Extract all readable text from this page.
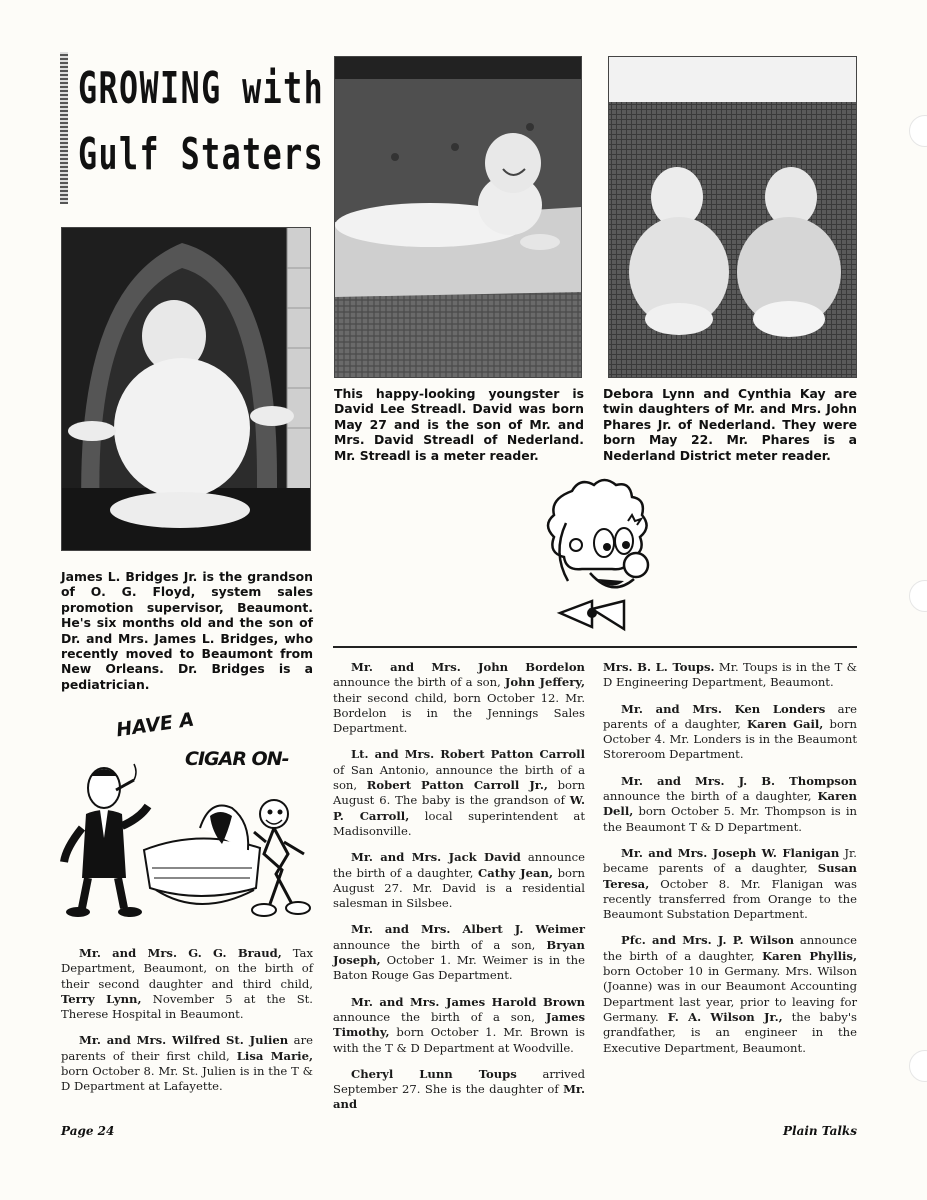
GROWING with
Gulf Staters
This happy-looking youngster is David Lee Streadl. David was born May 27 and is the son of Mr. and Mrs. David Streadl of Nederland. Mr. Streadl is a meter reader.
Debora Lynn and Cynthia Kay are twin daughters of Mr. and Mrs. John Phares Jr. of Nederland. They were born May 22. Mr. Phares is a Nederland District meter reader.
James L. Bridges Jr. is the grandson of O. G. Floyd, system sales promotion supervisor, Beaumont. He's six months old and the son of Dr. and Mrs. James L. Bridges, who recently moved to Beaumont from New Orleans. Dr. Bridges is a pediatrician.
HAVE A
CIGAR ON-

Mr. and Mrs. G. G. Braud, Tax Department, Beaumont, on the birth of their second daughter and third child, Terry Lynn, November 5 at the St. Therese Hospital in Beaumont.

Mr. and Mrs. Wilfred St. Julien are parents of their first child, Lisa Marie, born October 8. Mr. St. Julien is in the T & D Department at Lafayette.

Mr. and Mrs. John Bordelon announce the birth of a son, John Jeffery, their second child, born October 12. Mr. Bordelon is in the Jennings Sales Department.

Lt. and Mrs. Robert Patton Carroll of San Antonio, announce the birth of a son, Robert Patton Carroll Jr., born August 6. The baby is the grandson of W. P. Carroll, local superintendent at Madisonville.

Mr. and Mrs. Jack David announce the birth of a daughter, Cathy Jean, born August 27. Mr. David is a residential salesman in Silsbee.

Mr. and Mrs. Albert J. Weimer announce the birth of a son, Bryan Joseph, October 1. Mr. Weimer is in the Baton Rouge Gas Department.

Mr. and Mrs. James Harold Brown announce the birth of a son, James Timothy, born October 1. Mr. Brown is with the T & D Department at Woodville.

Cheryl Lunn Toups arrived September 27. She is the daughter of Mr. and

Mrs. B. L. Toups. Mr. Toups is in the T & D Engineering Department, Beaumont.

Mr. and Mrs. Ken Londers are parents of a daughter, Karen Gail, born October 4. Mr. Londers is in the Beaumont Storeroom Department.

Mr. and Mrs. J. B. Thompson announce the birth of a daughter, Karen Dell, born October 5. Mr. Thompson is in the Beaumont T & D Department.

Mr. and Mrs. Joseph W. Flanigan Jr. became parents of a daughter, Susan Teresa, October 8. Mr. Flanigan was recently transferred from Orange to the Beaumont Substation Department.

Pfc. and Mrs. J. P. Wilson announce the birth of a daughter, Karen Phyllis, born October 10 in Germany. Mrs. Wilson (Joanne) was in our Beaumont Accounting Department last year, prior to leaving for Germany. F. A. Wilson Jr., the baby's grandfather, is an engineer in the Executive Department, Beaumont.

Page 24	Plain Talks
